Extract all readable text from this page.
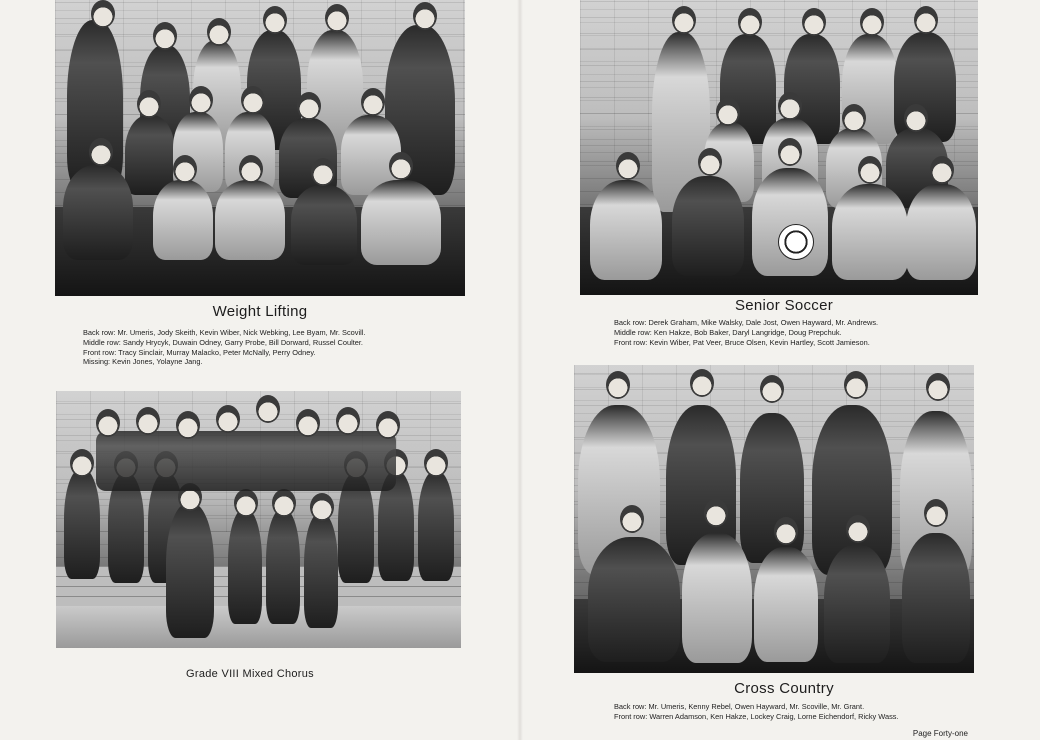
Weight Lifting
Back row: Mr. Umeris, Jody Skeith, Kevin Wiber, Nick Webking, Lee Byam, Mr. Scovill.
Middle row: Sandy Hrycyk, Duwain Odney, Garry Probe, Bill Dorward, Russel Coulter.
Front row: Tracy Sinclair, Murray Malacko, Peter McNally, Perry Odney.
Missing: Kevin Jones, Yolayne Jang.
Grade VIII Mixed Chorus
Senior Soccer
Back row: Derek Graham, Mike Walsky, Dale Jost, Owen Hayward, Mr. Andrews.
Middle row: Ken Hakze, Bob Baker, Daryl Langridge, Doug Prepchuk.
Front row: Kevin Wiber, Pat Veer, Bruce Olsen, Kevin Hartley, Scott Jamieson.
Cross Country
Back row: Mr. Umeris, Kenny Rebel, Owen Hayward, Mr. Scoville, Mr. Grant.
Front row: Warren Adamson, Ken Hakze, Lockey Craig, Lorne Eichendorf, Ricky Wass.
Page Forty-one
